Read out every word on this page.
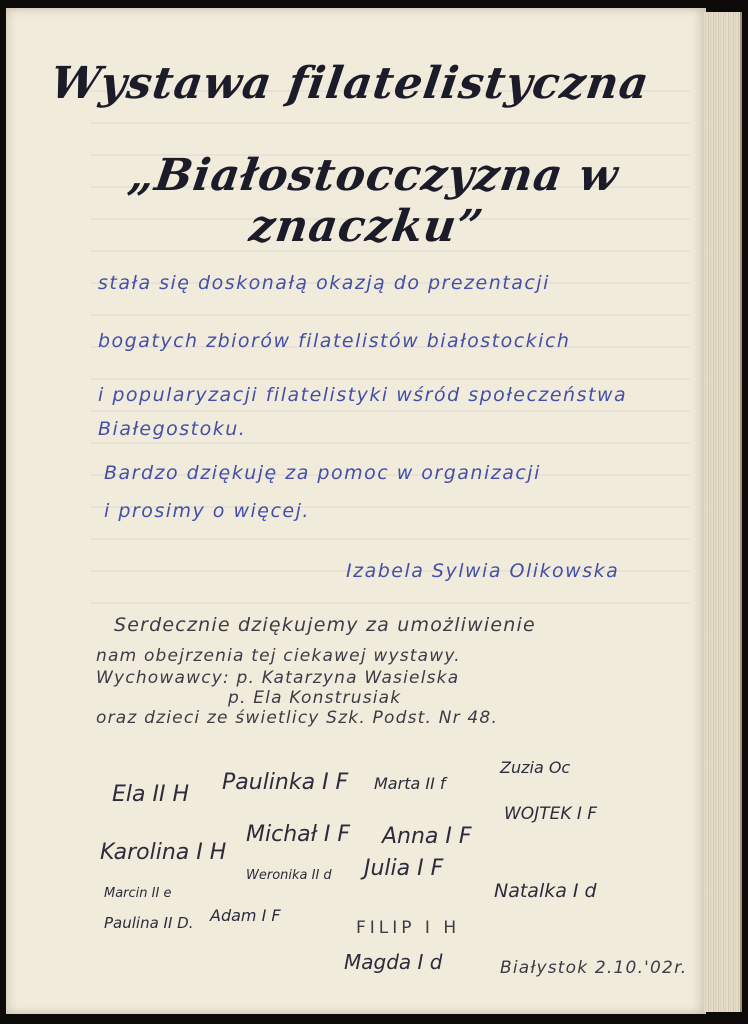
Wystawa filatelistyczna
„Białostocczyzna w znaczku”
stała się doskonałą okazją do prezentacji
bogatych zbiorów filatelistów białostockich
i popularyzacji filatelistyki wśród społeczeństwa
Białegostoku.
Bardzo dziękuję za pomoc w organizacji
i prosimy o więcej.
Izabela Sylwia Olikowska
Serdecznie dziękujemy za umożliwienie
nam obejrzenia tej ciekawej wystawy.
Wychowawcy: p. Katarzyna Wasielska
p. Ela Konstrusiak
oraz dzieci ze świetlicy Szk. Podst. Nr 48.
Ela II H Paulinka I F Marta II f
Zuzia Oc
Karolina I H
Michał I F Anna I F
WOJTEK I F
Weronika II d Julia I F
Marcin II e	Natalka I d
Paulina II D. Adam I F
FILIP I H
Magda I d	Białystok 2.10.'02r.
